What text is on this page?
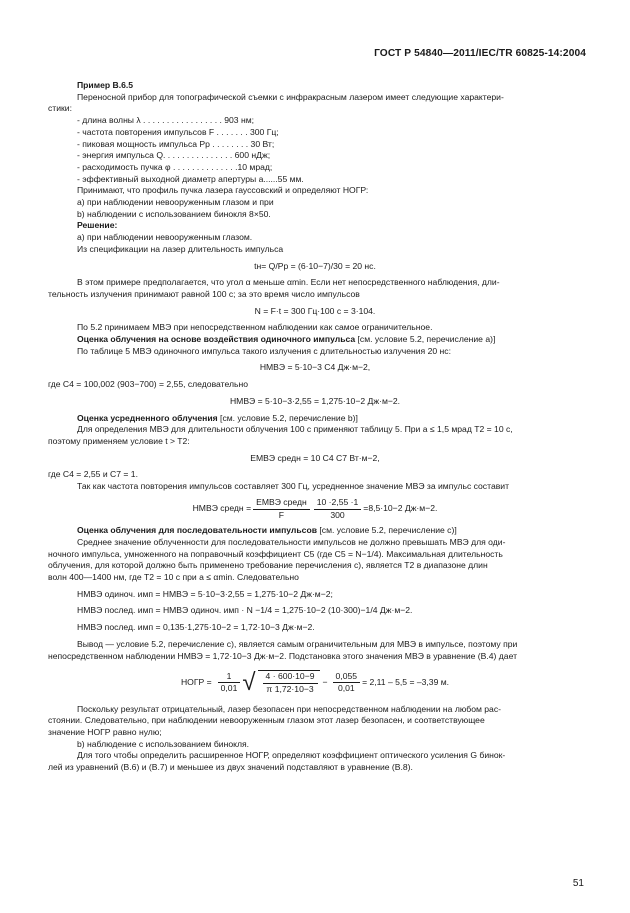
ГОСТ Р 54840—2011/IEC/TR 60825-14:2004

Пример В.6.5

Переносной прибор для топографической съемки с инфракрасным лазером имеет следующие характери-

стики:

- длина волны λ . . . . . . . . . . . . . . . . . 903 нм;

- частота повторения импульсов F . . . . . . . 300 Гц;

- пиковая мощность импульса Pp . . . . . . . . 30 Вт;

- энергия импульса Q. . . . . . . . . . . . . . . 600 нДж;

- расходимость пучка φ . . . . . . . . . . . . . .10 мрад;

- эффективный выходной диаметр апертуры a......55 мм.

Принимают, что профиль пучка лазера гауссовский и определяют НОГР:

а) при наблюдении невооруженным глазом и при

b) наблюдении с использованием бинокля 8×50.

Решение:

а) при наблюдении невооруженным глазом.

Из спецификации на лазер длительность импульса

tн= Q/Pp = (6·10−7)/30 = 20 нс.

В этом примере предполагается, что угол α меньше αmin. Если нет непосредственного наблюдения, дли-

тельность излучения принимают равной 100 с; за это время число импульсов

N = F·t = 300 Гц·100 с = 3·104.

По 5.2 принимаем МВЭ при непосредственном наблюдении как самое ограничительное.

Оценка облучения на основе воздействия одиночного импульса [см. условие 5.2, перечисление а)]

По таблице 5 МВЭ одиночного импульса такого излучения с длительностью излучения 20 нс:

HМВЭ = 5·10−3 C4 Дж·м−2,

где C4 = 100,002 (903−700) = 2,55, следовательно

HМВЭ = 5·10−3·2,55 = 1,275·10−2 Дж·м−2.

Оценка усредненного облучения [см. условие 5.2, перечисление b)]

Для определения МВЭ для длительности облучения 100 с применяют таблицу 5. При a ≤ 1,5 мрад T2 = 10 с,

поэтому применяем условие t > T2:

EМВЭ средн = 10 C4 C7 Вт·м−2,

где C4 = 2,55 и C7 = 1.

Так как частота повторения импульсов составляет 300 Гц, усредненное значение МВЭ за импульс составит

HМВЭ средн = $\frac{\text{EМВЭ средн}}{F} \frac{10 \cdot 2,55 \cdot 1}{300} =8,5\cdot 10-2$ Дж·м−2.

Оценка облучения для последовательности импульсов [см. условие 5.2, перечисление с)]

Среднее значение облученности для последовательности импульсов не должно превышать МВЭ для оди-

ночного импульса, умноженного на поправочный коэффициент C5 (где C5 = N−1/4). Максимальная длительность

облучения, для которой должно быть применено требование перечисления с), является T2 в диапазоне длин

волн 400—1400 нм, где T2 = 10 с при a ≤ αmin. Следовательно

HМВЭ одиноч. имп = HМВЭ = 5·10−3·2,55 = 1,275·10−2 Дж·м−2;

HМВЭ послед. имп = HМВЭ одиноч. имп · N −1/4 = 1,275·10−2 (10·300)−1/4 Дж·м−2.

HМВЭ послед. имп = 0,135·1,275·10−2 = 1,72·10−3 Дж·м−2.

Вывод — условие 5.2, перечисление с), является самым ограничительным для МВЭ в импульсе, поэтому при

непосредственном наблюдении HМВЭ = 1,72·10−3 Дж·м−2. Подстановка этого значения МВЭ в уравнение (В.4) дает

НОГР = $\frac{1}{0,01}$ √ $\frac{4 \cdot 600\cdot 10-9}{\pi 1,72\cdot 10-3} - \frac{0,055}{0,01} = 2,11 - 5,5 = -3,39$ м.

Поскольку результат отрицательный, лазер безопасен при непосредственном наблюдении на любом рас-

стоянии. Следовательно, при наблюдении невооруженным глазом этот лазер безопасен, и соответствующее

значение НОГР равно нулю;

b) наблюдение с использованием бинокля.

Для того чтобы определить расширенное НОГР, определяют коэффициент оптического усиления G бинок-

лей из уравнений (В.6) и (В.7) и меньшее из двух значений подставляют в уравнение (В.8).

51
